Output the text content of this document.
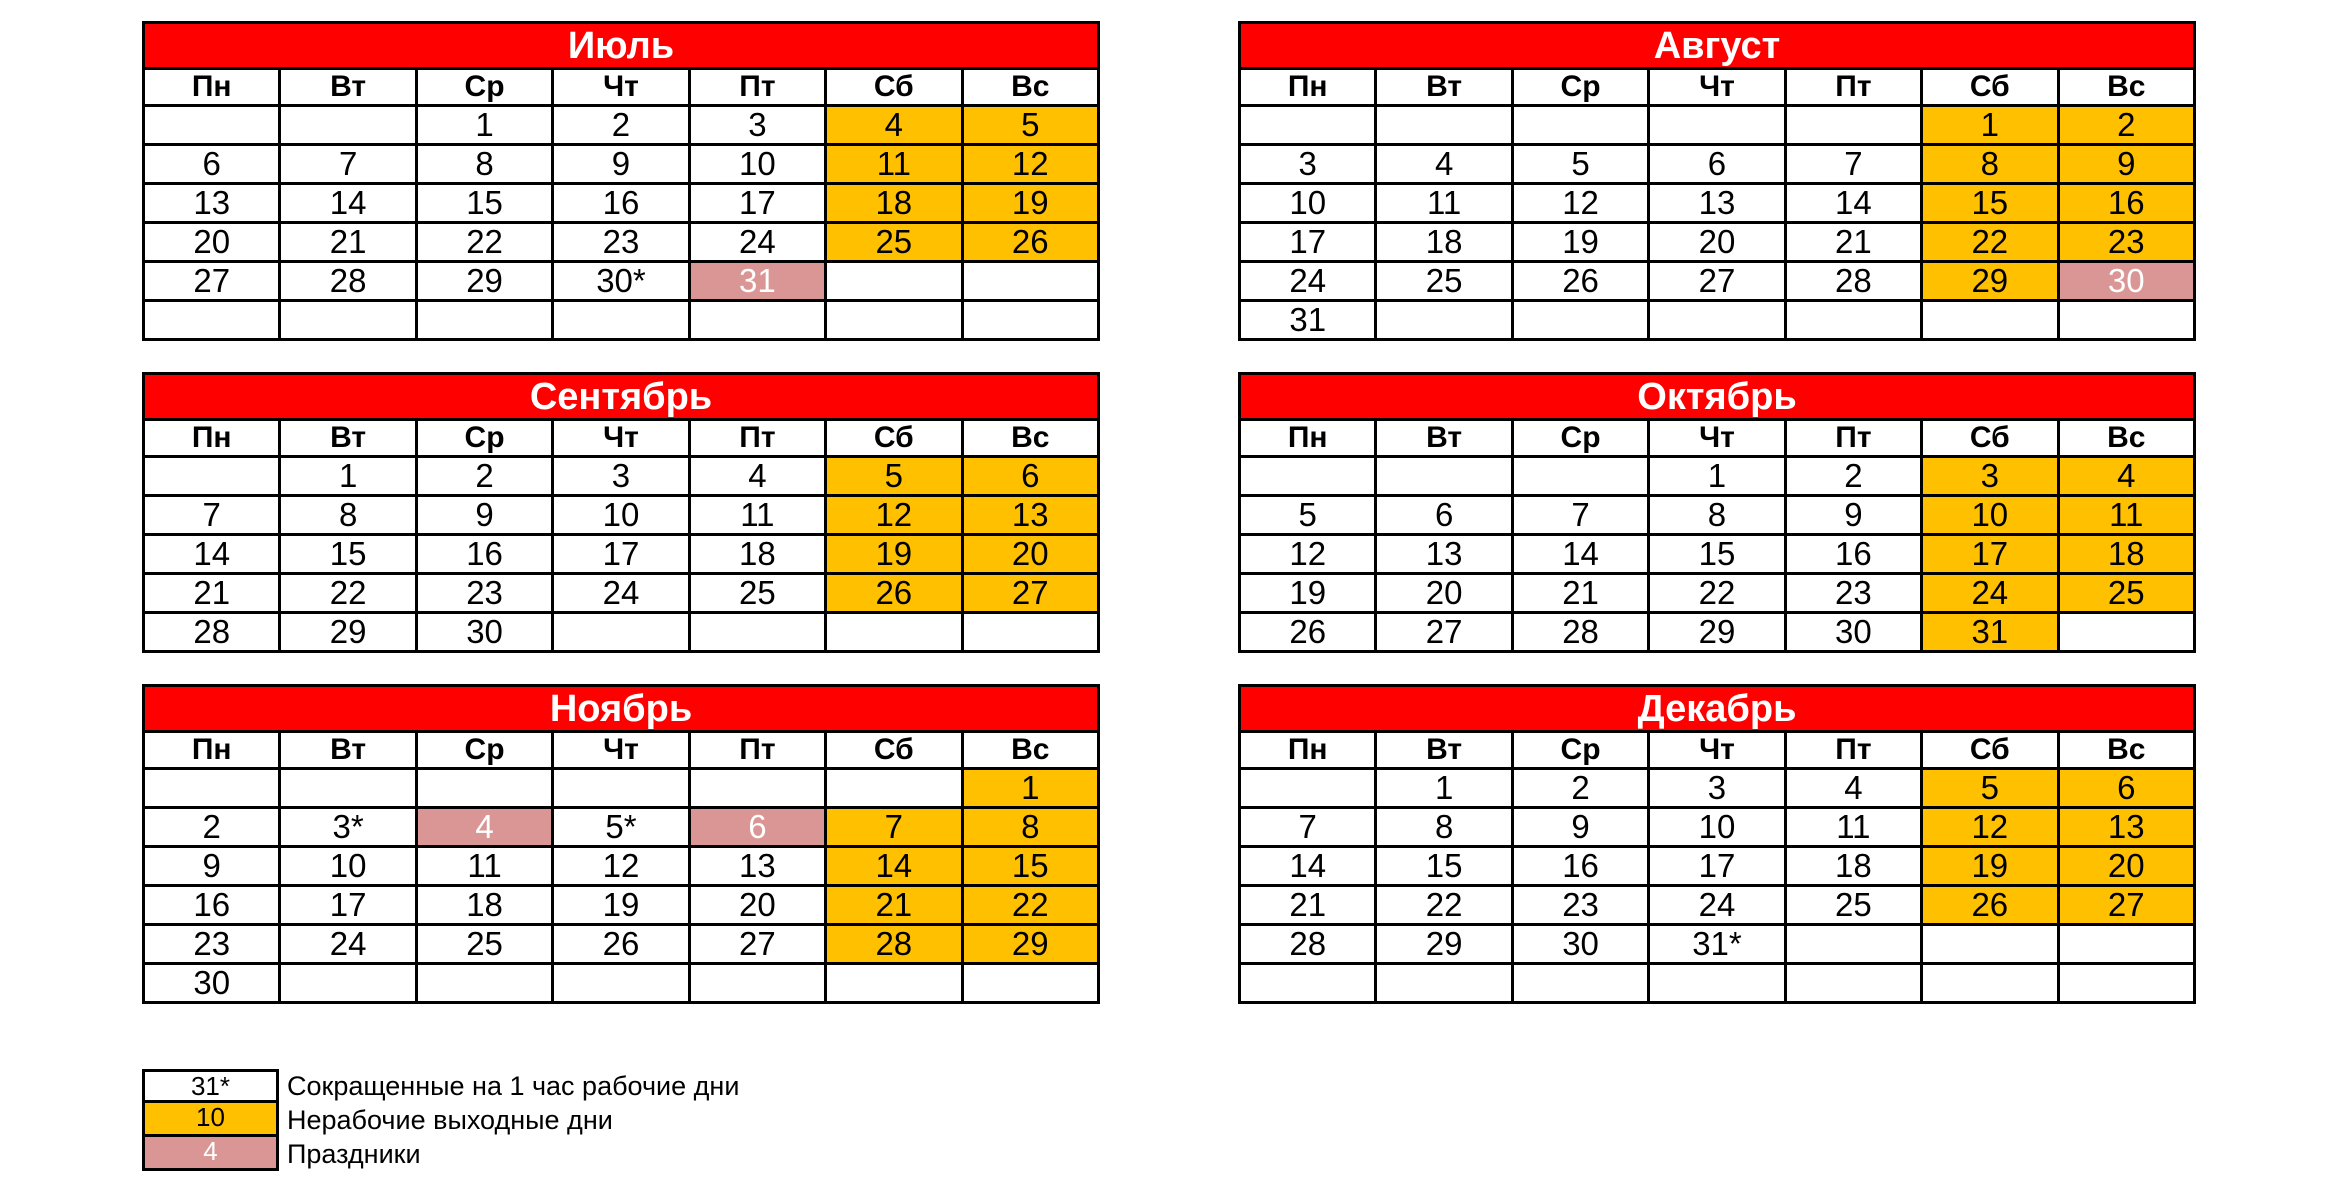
Июль						
Пн	Вт	Ср	Чт	Пт	Сб	Вс
		1	2	3	4	5
6	7	8	9	10	11	12
13	14	15	16	17	18	19
20	21	22	23	24	25	26
27	28	29	30*	31		

Август						
Пн	Вт	Ср	Чт	Пт	Сб	Вс
					1	2
3	4	5	6	7	8	9
10	11	12	13	14	15	16
17	18	19	20	21	22	23
24	25	26	27	28	29	30
31						
Сентябрь						
Пн	Вт	Ср	Чт	Пт	Сб	Вс
	1	2	3	4	5	6
7	8	9	10	11	12	13
14	15	16	17	18	19	20
21	22	23	24	25	26	27
28	29	30				
Октябрь						
Пн	Вт	Ср	Чт	Пт	Сб	Вс
			1	2	3	4
5	6	7	8	9	10	11
12	13	14	15	16	17	18
19	20	21	22	23	24	25
26	27	28	29	30	31	
Ноябрь						
Пн	Вт	Ср	Чт	Пт	Сб	Вс
						1
2	3*	4	5*	6	7	8
9	10	11	12	13	14	15
16	17	18	19	20	21	22
23	24	25	26	27	28	29
30						
Декабрь						
Пн	Вт	Ср	Чт	Пт	Сб	Вс
	1	2	3	4	5	6
7	8	9	10	11	12	13
14	15	16	17	18	19	20
21	22	23	24	25	26	27
28	29	30	31*			

31*	Сокращенные на 1 час рабочие дни
10	Нерабочие выходные дни
4	Праздники
